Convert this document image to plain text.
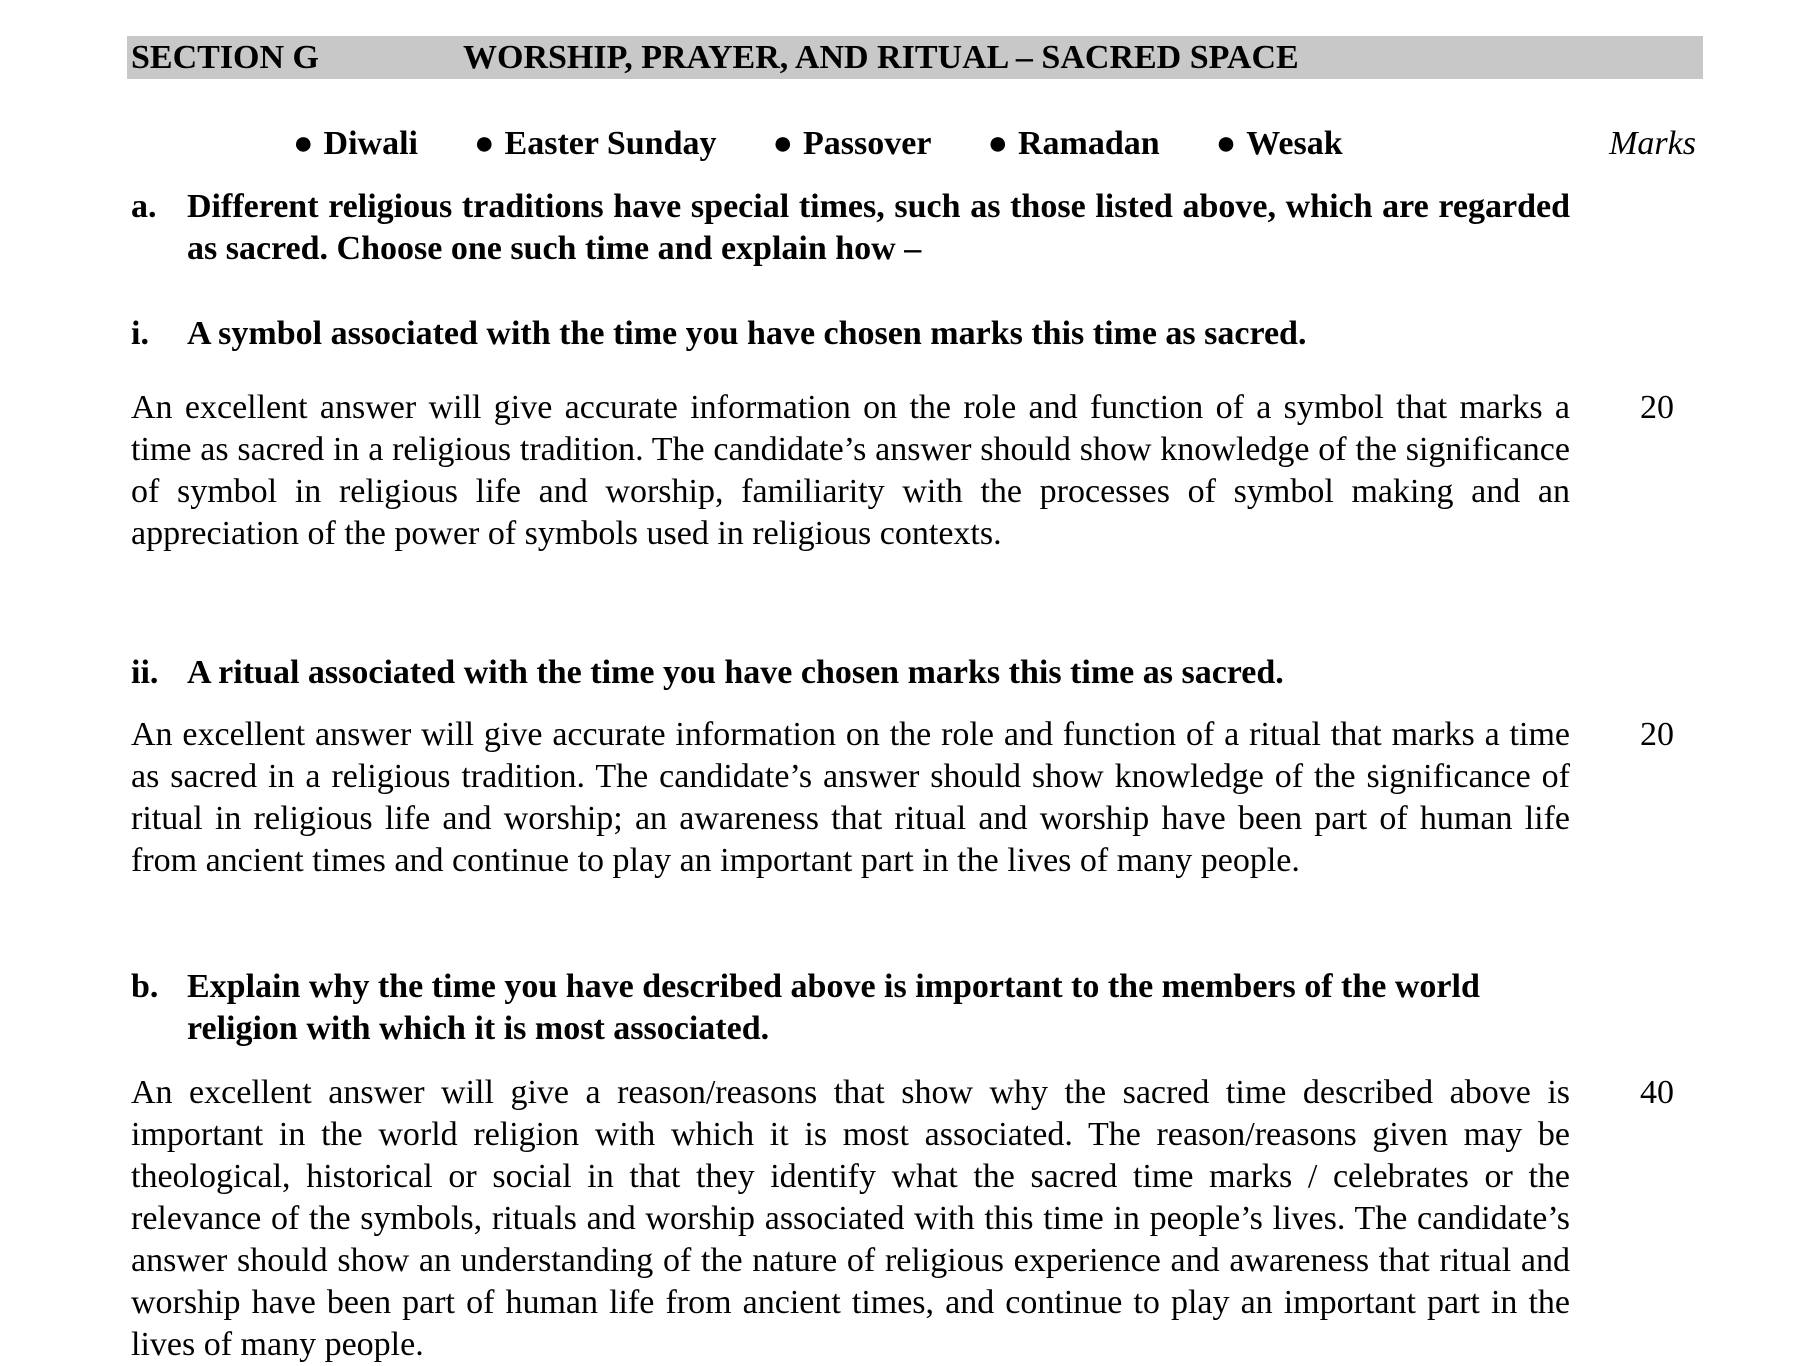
SECTION G	WORSHIP, PRAYER, AND RITUAL – SACRED SPACE
● Diwali ● Easter Sunday ● Passover ● Ramadan ● Wesak	Marks
a. Different religious traditions have special times, such as those listed above, which are regarded as sacred. Choose one such time and explain how –
i. A symbol associated with the time you have chosen marks this time as sacred.
An excellent answer will give accurate information on the role and function of a symbol that marks a time as sacred in a religious tradition. The candidate’s answer should show knowledge of the significance of symbol in religious life and worship, familiarity with the processes of symbol making and an appreciation of the power of symbols used in religious contexts.
20
ii. A ritual associated with the time you have chosen marks this time as sacred.
An excellent answer will give accurate information on the role and function of a ritual that marks a time as sacred in a religious tradition. The candidate’s answer should show knowledge of the significance of ritual in religious life and worship; an awareness that ritual and worship have been part of human life from ancient times and continue to play an important part in the lives of many people.
20
b. Explain why the time you have described above is important to the members of the world religion with which it is most associated.
An excellent answer will give a reason/reasons that show why the sacred time described above is important in the world religion with which it is most associated. The reason/reasons given may be theological, historical or social in that they identify what the sacred time marks / celebrates or the relevance of the symbols, rituals and worship associated with this time in people’s lives. The candidate’s answer should show an understanding of the nature of religious experience and awareness that ritual and worship have been part of human life from ancient times, and continue to play an important part in the lives of many people.
40
